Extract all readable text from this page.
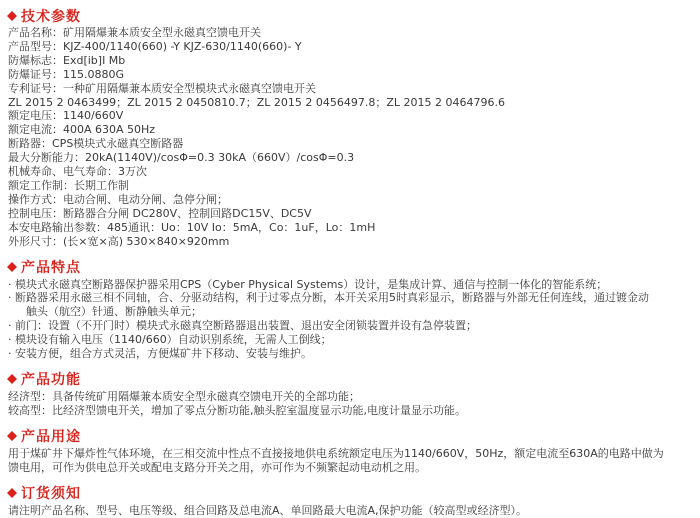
技术参数
产品名称：矿用隔爆兼本质安全型永磁真空馈电开关
产品型号：KJZ-400/1140(660) -Y KJZ-630/1140(660)- Y
防爆标志：Exd[ib]I Mb
防爆证号：115.0880G
专利证号：一种矿用隔爆兼本质安全型模块式永磁真空馈电开关
ZL 2015 2 0463499；ZL 2015 2 0450810.7；ZL 2015 2 0456497.8；ZL 2015 2 0464796.6
额定电压：1140/660V
额定电流：400A 630A 50Hz
断路器：CPS模块式永磁真空断路器
最大分断能力：20kA(1140V)/cosΦ=0.3 30kA（660V）/cosΦ=0.3
机械寿命、电气寿命：3万次
额定工作制：长期工作制
操作方式：电动合闸、电动分闸、急停分闸；
控制电压：断路器合分闸 DC280V、控制回路DC15V、DC5V
本安电路输出参数：485通讯：Uo：10V Io：5mA，Co：1uF，Lo：1mH
外形尺寸：(长×宽×高) 530×840×920mm
产品特点
· 模块式永磁真空断路器保护器采用CPS（Cyber Physical Systems）设计，是集成计算、通信与控制一体化的智能系统；
· 断路器采用永磁三相不同轴，合、分驱动结构，利于过零点分断，本开关采用5时真彩显示，断路器与外部无任何连线，通过镀金动
触头（航空）针通、断静触头单元；
· 前门：设置（不开门时）模块式永磁真空断路器退出装置、退出安全闭锁装置并设有急停装置；
· 模块设有输入电压（1140/660）自动识别系统，无需人工倒线；
· 安装方便，组合方式灵活，方便煤矿井下移动、安装与维护。
产品功能
经济型：具备传统矿用隔爆兼本质安全型永磁真空馈电开关的全部功能；
较高型：比经济型馈电开关，增加了零点分断功能,触头腔室温度显示功能,电度计量显示功能。
产品用途
用于煤矿井下爆炸性气体环境，在三相交流中性点不直接接地供电系统额定电压为1140/660V，50Hz，额定电流至630A的电路中做为
馈电用，可作为供电总开关或配电支路分开关之用，亦可作为不频繁起动电动机之用。
订货须知
请注明产品名称、型号、电压等级、组合回路及总电流A、单回路最大电流A,保护功能（较高型或经济型）。
